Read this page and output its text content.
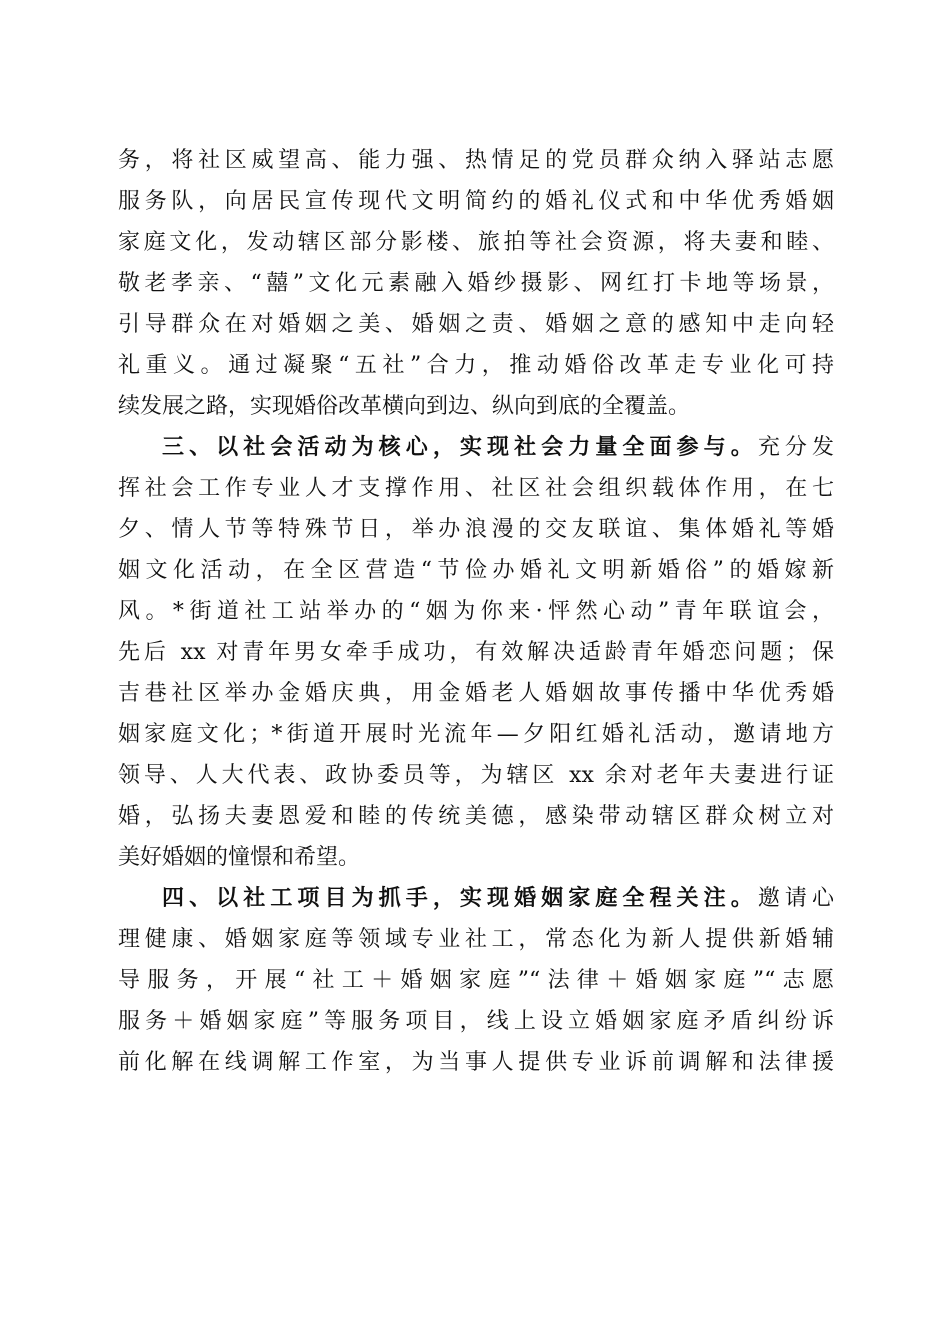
务，将社区威望高、能力强、热情足的党员群众纳入驿站志愿
服务队，向居民宣传现代文明简约的婚礼仪式和中华优秀婚姻
家庭文化，发动辖区部分影楼、旅拍等社会资源，将夫妻和睦、
敬老孝亲、“囍”文化元素融入婚纱摄影、网红打卡地等场景，
引导群众在对婚姻之美、婚姻之责、婚姻之意的感知中走向轻
礼重义。通过凝聚“五社”合力，推动婚俗改革走专业化可持
续发展之路，实现婚俗改革横向到边、纵向到底的全覆盖。
三、以社会活动为核心，实现社会力量全面参与。充分发
挥社会工作专业人才支撑作用、社区社会组织载体作用，在七
夕、情人节等特殊节日，举办浪漫的交友联谊、集体婚礼等婚
姻文化活动，在全区营造“节俭办婚礼文明新婚俗”的婚嫁新
风。*街道社工站举办的“姻为你来·怦然心动”青年联谊会，
先后 xx 对青年男女牵手成功，有效解决适龄青年婚恋问题；保
吉巷社区举办金婚庆典，用金婚老人婚姻故事传播中华优秀婚
姻家庭文化；*街道开展时光流年—夕阳红婚礼活动，邀请地方
领导、人大代表、政协委员等，为辖区 xx 余对老年夫妻进行证
婚，弘扬夫妻恩爱和睦的传统美德，感染带动辖区群众树立对
美好婚姻的憧憬和希望。
四、以社工项目为抓手，实现婚姻家庭全程关注。邀请心
理健康、婚姻家庭等领域专业社工，常态化为新人提供新婚辅
导服务，开展“社工＋婚姻家庭”“法律＋婚姻家庭”“志愿
服务＋婚姻家庭”等服务项目，线上设立婚姻家庭矛盾纠纷诉
前化解在线调解工作室，为当事人提供专业诉前调解和法律援
